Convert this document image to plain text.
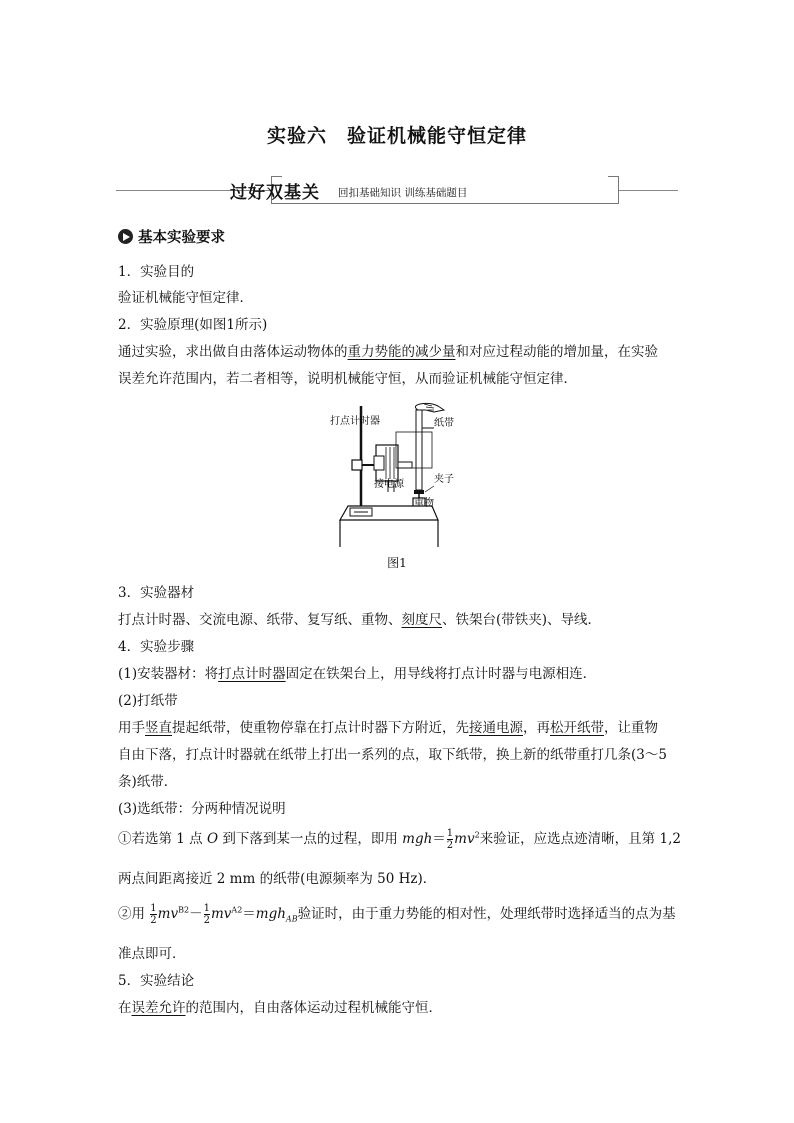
实验六　验证机械能守恒定律
过好双基关 回扣基础知识 训练基础题目
基本实验要求
1．实验目的
验证机械能守恒定律．
2．实验原理(如图1所示)
通过实验，求出做自由落体运动物体的重力势能的减少量和对应过程动能的增加量，在实验
误差允许范围内，若二者相等，说明机械能守恒，从而验证机械能守恒定律．
打点计时器	纸带
接电源	夹子
重物
图1
3．实验器材
打点计时器、交流电源、纸带、复写纸、重物、刻度尺、铁架台(带铁夹)、导线．
4．实验步骤
(1)安装器材：将打点计时器固定在铁架台上，用导线将打点计时器与电源相连．
(2)打纸带
用手竖直提起纸带，使重物停靠在打点计时器下方附近，先接通电源，再松开纸带，让重物
自由下落，打点计时器就在纸带上打出一系列的点，取下纸带，换上新的纸带重打几条(3～5
条)纸带．
(3)选纸带：分两种情况说明
①若选第 1 点 O 到下落到某一点的过程，即用 $mgh= \frac{1}{2} mv^2$来验证，应选点迹清晰，且第 1,2
两点间距离接近 2 mm 的纸带(电源频率为 50 Hz)．
②用 $\frac{1}{2} mv^{B2}- \frac{1}{2} mv^{A2}=mgh_{AB}$验证时，由于重力势能的相对性，处理纸带时选择适当的点为基
准点即可．
5．实验结论
在误差允许的范围内，自由落体运动过程机械能守恒．
